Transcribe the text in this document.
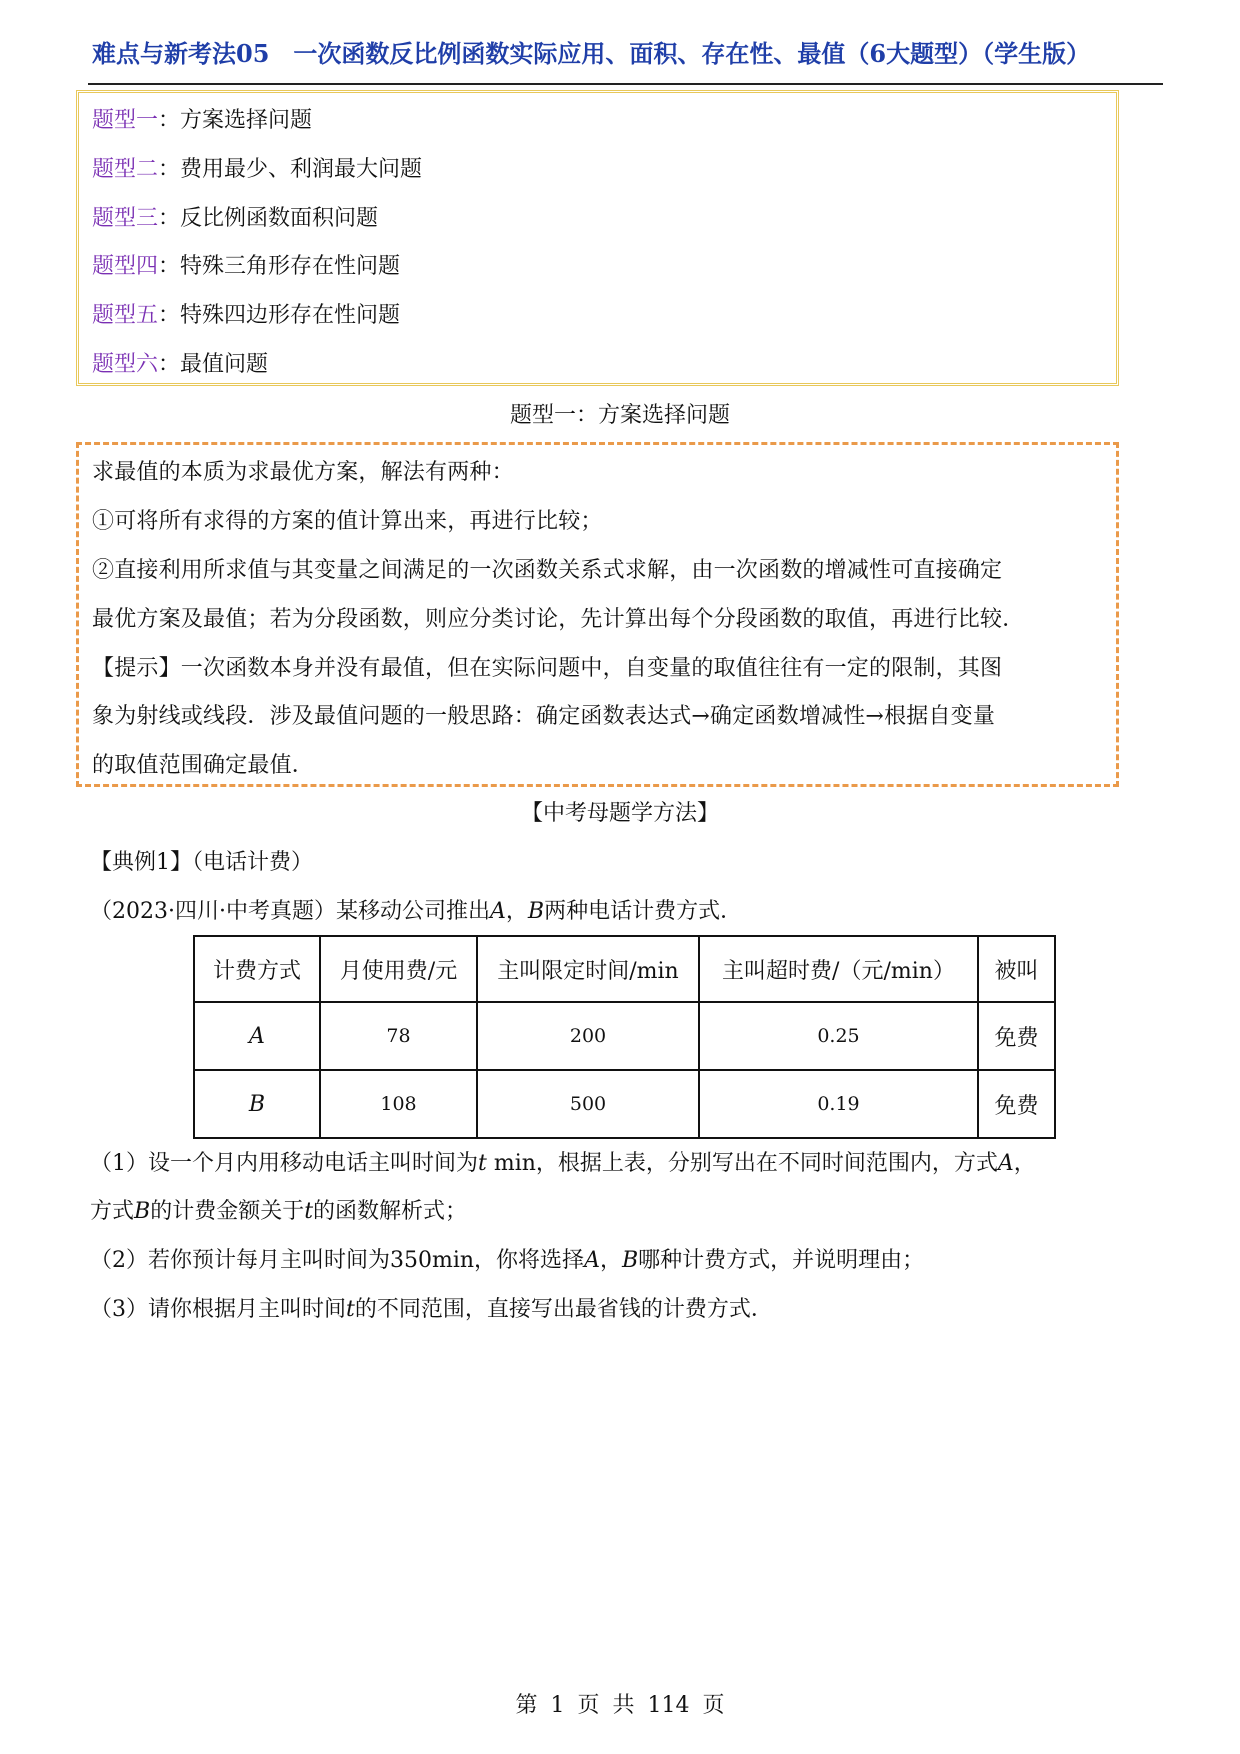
难点与新考法05　一次函数反比例函数实际应用、面积、存在性、最值（6大题型）（学生版）
题型一：方案选择问题
题型二：费用最少、利润最大问题
题型三：反比例函数面积问题
题型四：特殊三角形存在性问题
题型五：特殊四边形存在性问题
题型六：最值问题
题型一：方案选择问题
求最值的本质为求最优方案，解法有两种：
①可将所有求得的方案的值计算出来，再进行比较；
②直接利用所求值与其变量之间满足的一次函数关系式求解，由一次函数的增减性可直接确定
最优方案及最值；若为分段函数，则应分类讨论，先计算出每个分段函数的取值，再进行比较．
【提示】一次函数本身并没有最值，但在实际问题中，自变量的取值往往有一定的限制，其图
象为射线或线段．涉及最值问题的一般思路：确定函数表达式→确定函数增减性→根据自变量
的取值范围确定最值．
【中考母题学方法】
【典例1】（电话计费）
（2023·四川·中考真题）某移动公司推出A，B两种电话计费方式．
计费方式	月使用费/元	主叫限定时间/min	主叫超时费/（元/min）	被叫
A	78	200	0.25	免费
B	108	500	0.19	免费
（1）设一个月内用移动电话主叫时间为t min，根据上表，分别写出在不同时间范围内，方式A，
方式B的计费金额关于t的函数解析式；
（2）若你预计每月主叫时间为350min，你将选择A，B哪种计费方式，并说明理由；
（3）请你根据月主叫时间t的不同范围，直接写出最省钱的计费方式．
第 1 页 共 114 页
